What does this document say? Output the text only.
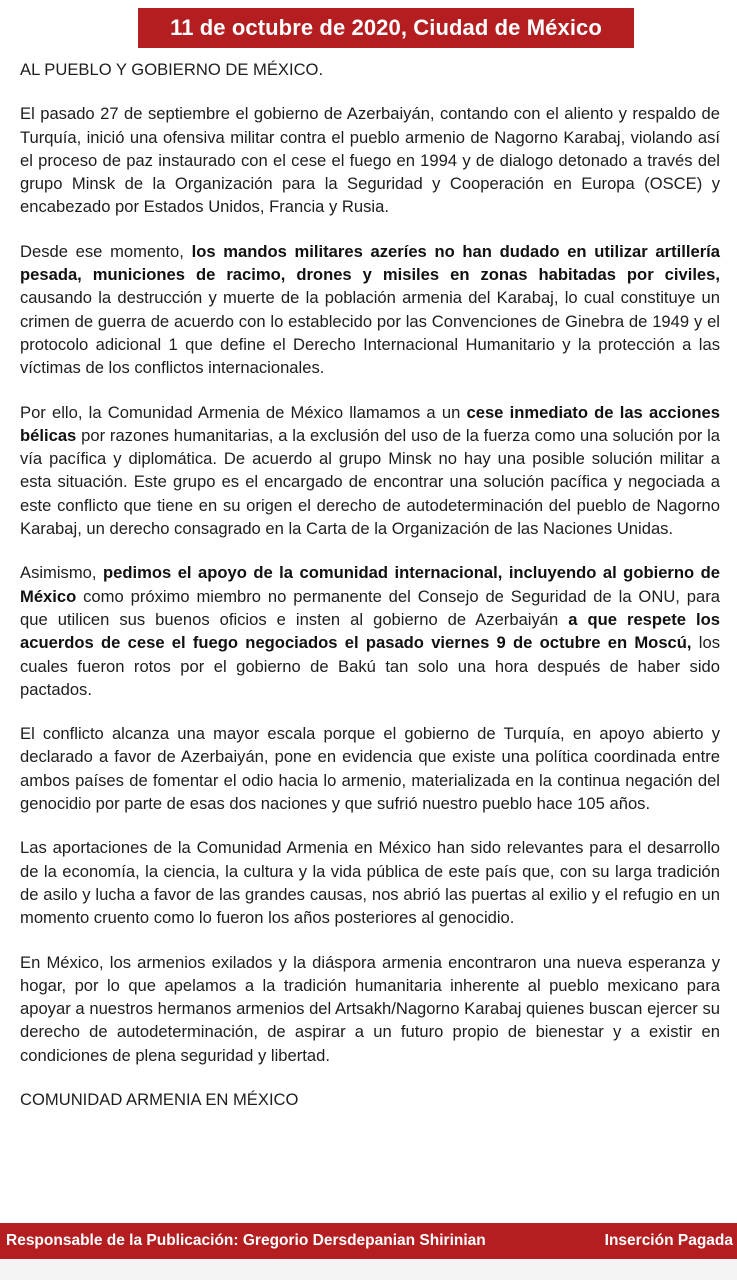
11 de octubre de 2020, Ciudad de México

AL PUEBLO Y GOBIERNO DE MÉXICO.

El pasado 27 de septiembre el gobierno de Azerbaiyán, contando con el aliento y respaldo de Turquía, inició una ofensiva militar contra el pueblo armenio de Nagorno Karabaj, violando así el proceso de paz instaurado con el cese el fuego en 1994 y de dialogo detonado a través del grupo Minsk de la Organización para la Seguridad y Cooperación en Europa (OSCE) y encabezado por Estados Unidos, Francia y Rusia.

Desde ese momento, los mandos militares azeríes no han dudado en utilizar artillería pesada, municiones de racimo, drones y misiles en zonas habitadas por civiles, causando la destrucción y muerte de la población armenia del Karabaj, lo cual constituye un crimen de guerra de acuerdo con lo establecido por las Convenciones de Ginebra de 1949 y el protocolo adicional 1 que define el Derecho Internacional Humanitario y la protección a las víctimas de los conflictos internacionales.

Por ello, la Comunidad Armenia de México llamamos a un cese inmediato de las acciones bélicas por razones humanitarias, a la exclusión del uso de la fuerza como una solución por la vía pacífica y diplomática. De acuerdo al grupo Minsk no hay una posible solución militar a esta situación. Este grupo es el encargado de encontrar una solución pacífica y negociada a este conflicto que tiene en su origen el derecho de autodeterminación del pueblo de Nagorno Karabaj, un derecho consagrado en la Carta de la Organización de las Naciones Unidas.

Asimismo, pedimos el apoyo de la comunidad internacional, incluyendo al gobierno de México como próximo miembro no permanente del Consejo de Seguridad de la ONU, para que utilicen sus buenos oficios e insten al gobierno de Azerbaiyán a que respete los acuerdos de cese el fuego negociados el pasado viernes 9 de octubre en Moscú, los cuales fueron rotos por el gobierno de Bakú tan solo una hora después de haber sido pactados.

El conflicto alcanza una mayor escala porque el gobierno de Turquía, en apoyo abierto y declarado a favor de Azerbaiyán, pone en evidencia que existe una política coordinada entre ambos países de fomentar el odio hacia lo armenio, materializada en la continua negación del genocidio por parte de esas dos naciones y que sufrió nuestro pueblo hace 105 años.

Las aportaciones de la Comunidad Armenia en México han sido relevantes para el desarrollo de la economía, la ciencia, la cultura y la vida pública de este país que, con su larga tradición de asilo y lucha a favor de las grandes causas, nos abrió las puertas al exilio y el refugio en un momento cruento como lo fueron los años posteriores al genocidio.

En México, los armenios exilados y la diáspora armenia encontraron una nueva esperanza y hogar, por lo que apelamos a la tradición humanitaria inherente al pueblo mexicano para apoyar a nuestros hermanos armenios del Artsakh/Nagorno Karabaj quienes buscan ejercer su derecho de autodeterminación, de aspirar a un futuro propio de bienestar y a existir en condiciones de plena seguridad y libertad.

COMUNIDAD ARMENIA EN MÉXICO

Responsable de la Publicación: Gregorio Dersdepanian Shirinian	Inserción Pagada
